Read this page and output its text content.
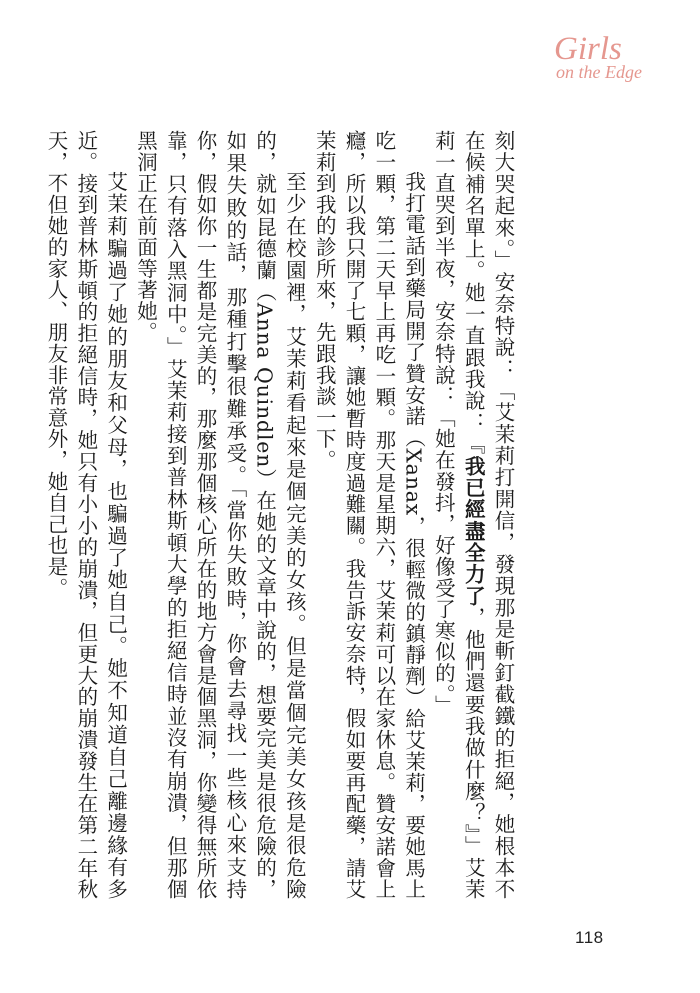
Girls
on the Edge

刻大哭起來。」安奈特說：「艾茉莉打開信，發現那是斬釘截鐵的拒絕，她根本不在候補名單上。她一直跟我說：『我已經盡全力了，他們還要我做什麼？』」艾茉莉一直哭到半夜，安奈特說：「她在發抖，好像受了寒似的。」

我打電話到藥局開了贊安諾（Xanax，很輕微的鎮靜劑）給艾茉莉，要她馬上吃一顆，第二天早上再吃一顆。那天是星期六，艾茉莉可以在家休息。贊安諾會上癮，所以我只開了七顆，讓她暫時度過難關。我告訴安奈特，假如要再配藥，請艾茉莉到我的診所來，先跟我談一下。

至少在校園裡，艾茉莉看起來是個完美的女孩。但是當個完美女孩是很危險的，就如昆德蘭（Anna Quindlen）在她的文章中說的，想要完美是很危險的，如果失敗的話，那種打擊很難承受。「當你失敗時，你會去尋找一些核心來支持你，假如你一生都是完美的，那麼那個核心所在的地方會是個黑洞，你變得無所依靠，只有落入黑洞中。」艾茉莉接到普林斯頓大學的拒絕信時並沒有崩潰，但那個黑洞正在前面等著她。

艾茉莉騙過了她的朋友和父母，也騙過了她自己。她不知道自己離邊緣有多近。接到普林斯頓的拒絕信時，她只有小小的崩潰，但更大的崩潰發生在第二年秋天，不但她的家人、朋友非常意外，她自己也是。

118
